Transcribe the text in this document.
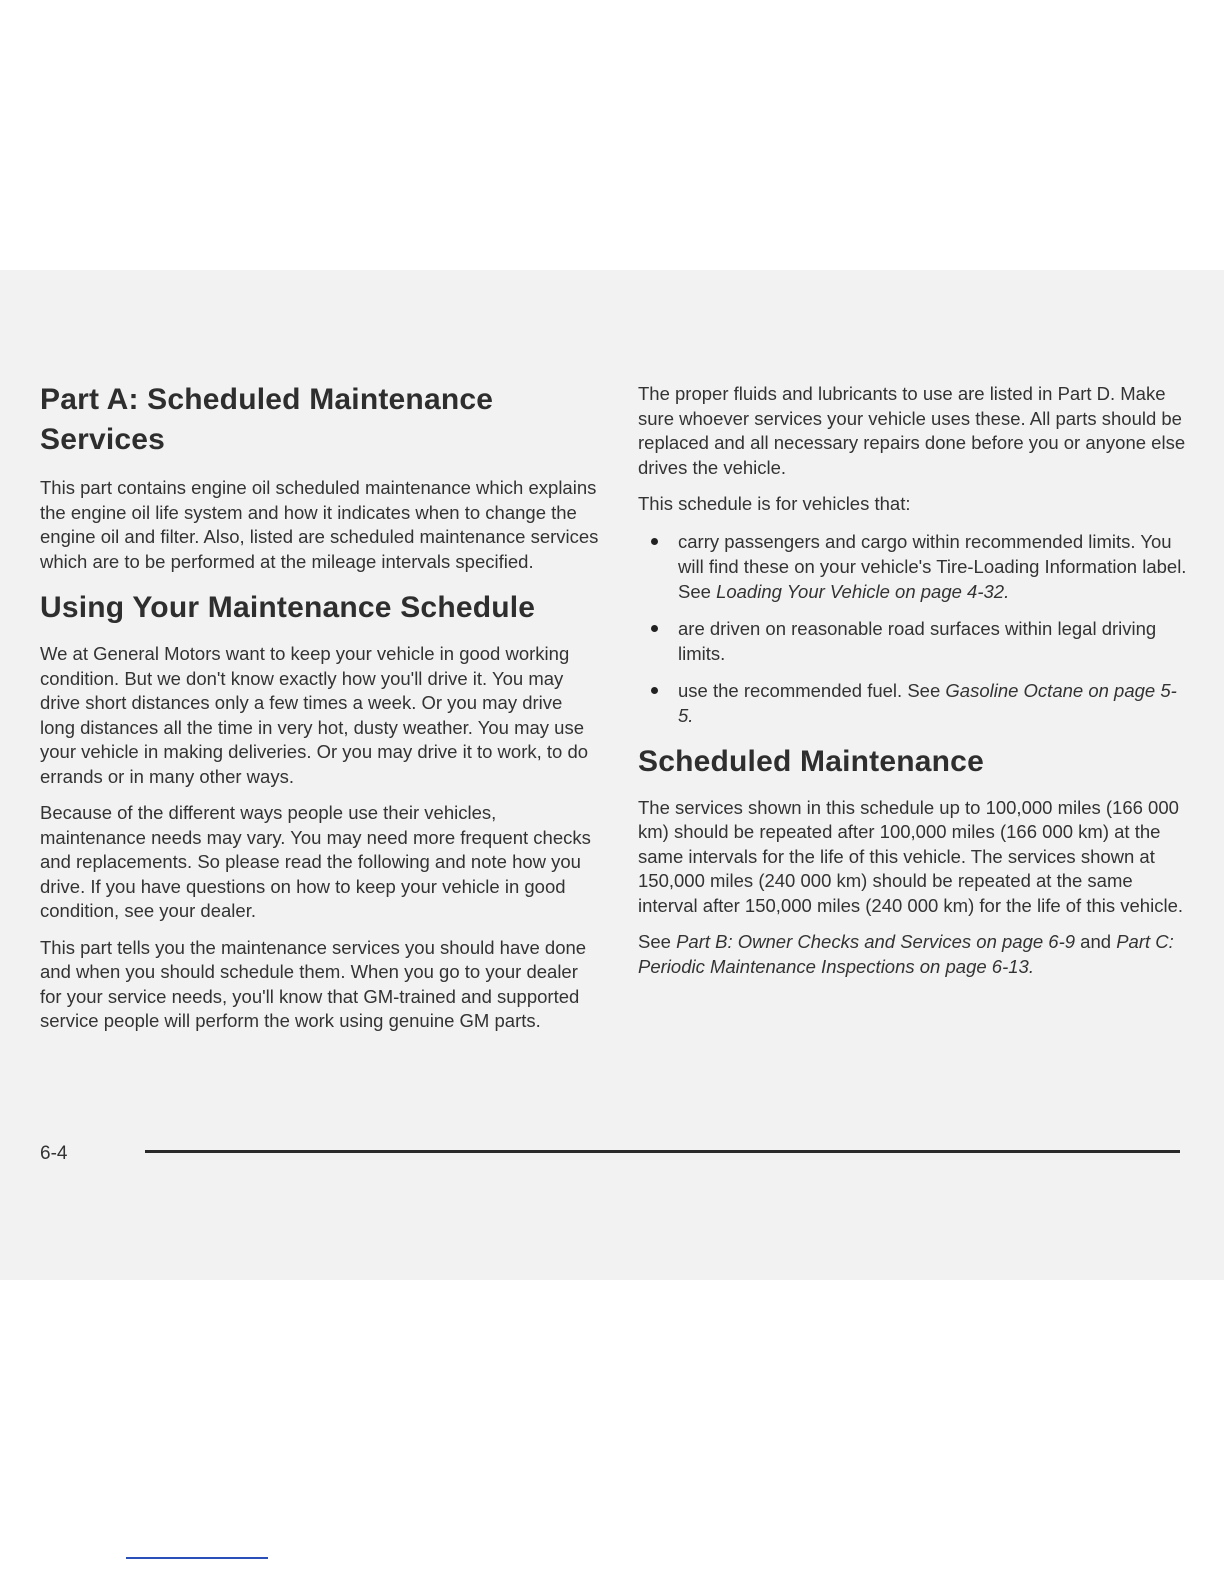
Part A: Scheduled Maintenance Services

This part contains engine oil scheduled maintenance which explains the engine oil life system and how it indicates when to change the engine oil and filter. Also, listed are scheduled maintenance services which are to be performed at the mileage intervals specified.

Using Your Maintenance Schedule

We at General Motors want to keep your vehicle in good working condition. But we don't know exactly how you'll drive it. You may drive short distances only a few times a week. Or you may drive long distances all the time in very hot, dusty weather. You may use your vehicle in making deliveries. Or you may drive it to work, to do errands or in many other ways.

Because of the different ways people use their vehicles, maintenance needs may vary. You may need more frequent checks and replacements. So please read the following and note how you drive. If you have questions on how to keep your vehicle in good condition, see your dealer.

This part tells you the maintenance services you should have done and when you should schedule them. When you go to your dealer for your service needs, you'll know that GM-trained and supported service people will perform the work using genuine GM parts.

The proper fluids and lubricants to use are listed in Part D. Make sure whoever services your vehicle uses these. All parts should be replaced and all necessary repairs done before you or anyone else drives the vehicle.

This schedule is for vehicles that:

carry passengers and cargo within recommended limits. You will find these on your vehicle's Tire-Loading Information label. See Loading Your Vehicle on page 4-32.
are driven on reasonable road surfaces within legal driving limits.
use the recommended fuel. See Gasoline Octane on page 5-5.
Scheduled Maintenance

The services shown in this schedule up to 100,000 miles (166 000 km) should be repeated after 100,000 miles (166 000 km) at the same intervals for the life of this vehicle. The services shown at 150,000 miles (240 000 km) should be repeated at the same interval after 150,000 miles (240 000 km) for the life of this vehicle.

See Part B: Owner Checks and Services on page 6-9 and Part C: Periodic Maintenance Inspections on page 6-13.

6-4
